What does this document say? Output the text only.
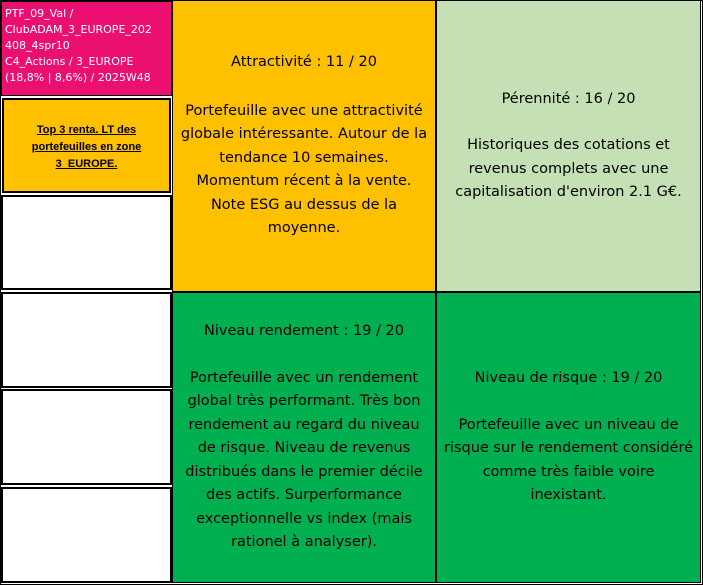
PTF_09_Val /
ClubADAM_3_EUROPE_202
408_4spr10
C4_Actions / 3_EUROPE
(18,8% | 8,6%) / 2025W48
Top 3 renta. LT des portefeuilles en zone 3_EUROPE.
Attractivité : 11 / 20
Portefeuille avec une attractivité globale intéressante. Autour de la tendance 10 semaines. Momentum récent à la vente. Note ESG au dessus de la moyenne.
Pérennité : 16 / 20
Historiques des cotations et revenus complets avec une capitalisation d'environ 2.1 G€.
Niveau rendement : 19 / 20
Portefeuille avec un rendement global très performant. Très bon rendement au regard du niveau de risque. Niveau de revenus distribués dans le premier décile des actifs. Surperformance exceptionnelle vs index (mais rationel à analyser).
Niveau de risque : 19 / 20
Portefeuille avec un niveau de risque sur le rendement considéré comme très faible voire inexistant.
